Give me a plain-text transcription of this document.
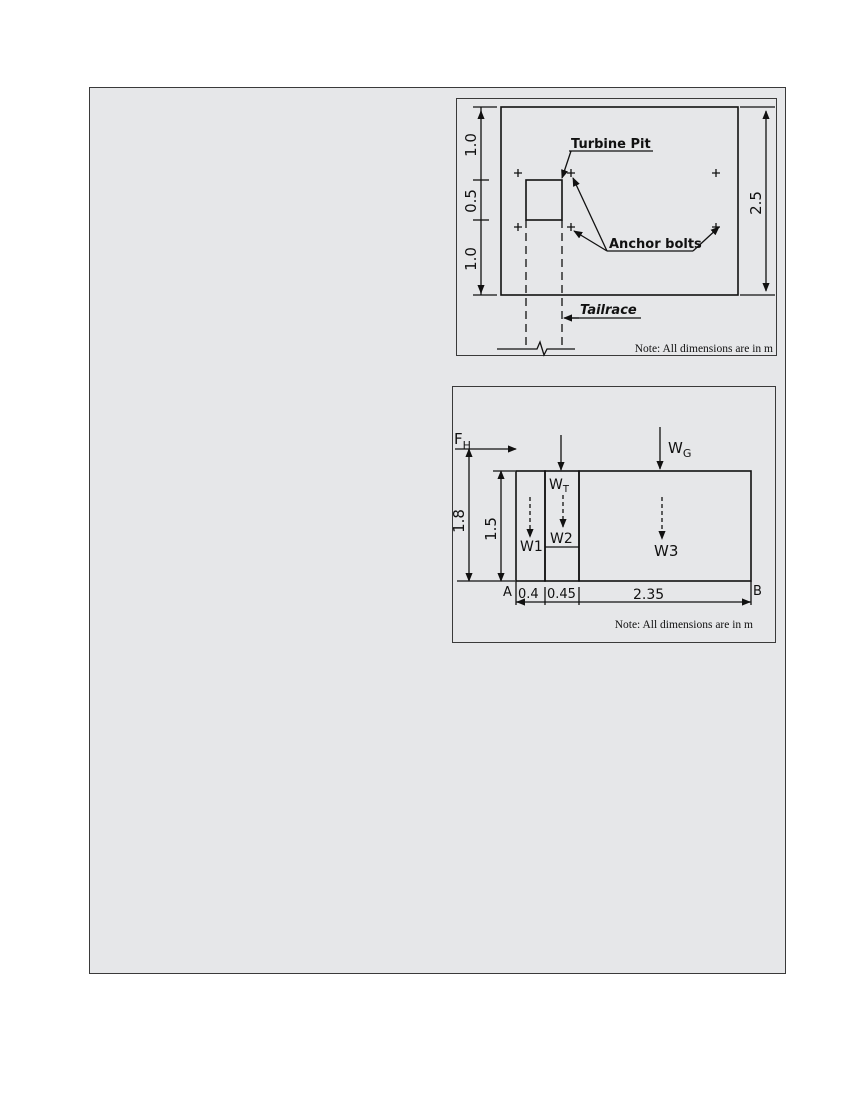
1.0
0.5
1.0
2.5
Turbine Pit
Anchor bolts
Tailrace
Note: All dimensions are in m
$F_H$
$W_T$
$W_G$
W1 W2
W3
1.8 1.5
A	B
0.4 0.45	2.35
Note: All dimensions are in m
